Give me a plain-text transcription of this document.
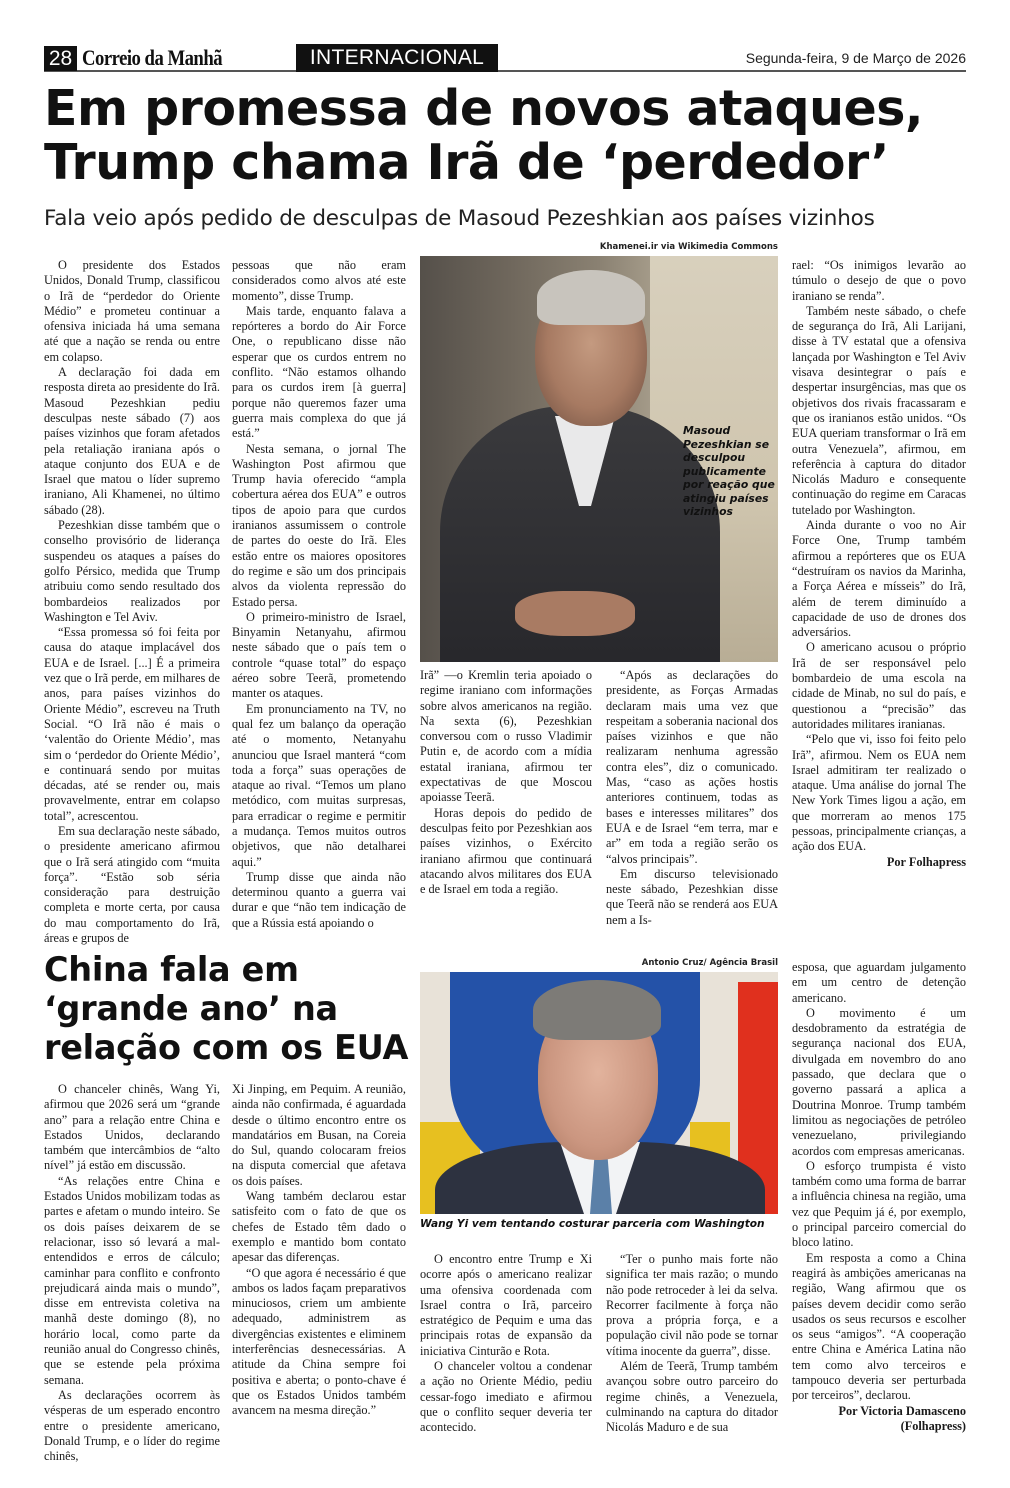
28 Correio da Manhã	INTERNACIONAL	Segunda-feira, 9 de Março de 2026
Em promessa de novos ataques, Trump chama Irã de ‘perdedor’
Fala veio após pedido de desculpas de Masoud Pezeshkian aos países vizinhos

O presidente dos Estados Unidos, Donald Trump, classificou o Irã de “perdedor do Oriente Médio” e prometeu continuar a ofensiva iniciada há uma semana até que a nação se renda ou entre em colapso.

A declaração foi dada em resposta direta ao presidente do Irã. Masoud Pezeshkian pediu desculpas neste sábado (7) aos países vizinhos que foram afetados pela retaliação iraniana após o ataque conjunto dos EUA e de Israel que matou o líder supremo iraniano, Ali Khamenei, no último sábado (28).

Pezeshkian disse também que o conselho provisório de liderança suspendeu os ataques a países do golfo Pérsico, medida que Trump atribuiu como sendo resultado dos bombardeios realizados por Washington e Tel Aviv.

“Essa promessa só foi feita por causa do ataque implacável dos EUA e de Israel. [...] É a primeira vez que o Irã perde, em milhares de anos, para países vizinhos do Oriente Médio”, escreveu na Truth Social. “O Irã não é mais o ‘valentão do Oriente Médio’, mas sim o ‘perdedor do Oriente Médio’, e continuará sendo por muitas décadas, até se render ou, mais provavelmente, entrar em colapso total”, acrescentou.

Em sua declaração neste sábado, o presidente americano afirmou que o Irã será atingido com “muita força”. “Estão sob séria consideração para destruição completa e morte certa, por causa do mau comportamento do Irã, áreas e grupos de

pessoas que não eram considerados como alvos até este momento”, disse Trump.

Mais tarde, enquanto falava a repórteres a bordo do Air Force One, o republicano disse não esperar que os curdos entrem no conflito. “Não estamos olhando para os curdos irem [à guerra] porque não queremos fazer uma guerra mais complexa do que já está.”

Nesta semana, o jornal The Washington Post afirmou que Trump havia oferecido “ampla cobertura aérea dos EUA” e outros tipos de apoio para que curdos iranianos assumissem o controle de partes do oeste do Irã. Eles estão entre os maiores opositores do regime e são um dos principais alvos da violenta repressão do Estado persa.

O primeiro-ministro de Israel, Binyamin Netanyahu, afirmou neste sábado que o país tem o controle “quase total” do espaço aéreo sobre Teerã, prometendo manter os ataques.

Em pronunciamento na TV, no qual fez um balanço da operação até o momento, Netanyahu anunciou que Israel manterá “com toda a força” suas operações de ataque ao rival. “Temos um plano metódico, com muitas surpresas, para erradicar o regime e permitir a mudança. Temos muitos outros objetivos, que não detalharei aqui.”

Trump disse que ainda não determinou quanto a guerra vai durar e que “não tem indicação de que a Rússia está apoiando o

Khamenei.ir via Wikimedia Commons
Masoud Pezeshkian se desculpou publicamente por reação que atingiu países vizinhos

Irã” —o Kremlin teria apoiado o regime iraniano com informações sobre alvos americanos na região. Na sexta (6), Pezeshkian conversou com o russo Vladimir Putin e, de acordo com a mídia estatal iraniana, afirmou ter expectativas de que Moscou apoiasse Teerã.

Horas depois do pedido de desculpas feito por Pezeshkian aos países vizinhos, o Exército iraniano afirmou que continuará atacando alvos militares dos EUA e de Israel em toda a região.

“Após as declarações do presidente, as Forças Armadas declaram mais uma vez que respeitam a soberania nacional dos países vizinhos e que não realizaram nenhuma agressão contra eles”, diz o comunicado. Mas, “caso as ações hostis anteriores continuem, todas as bases e interesses militares” dos EUA e de Israel “em terra, mar e ar” em toda a região serão os “alvos principais”.

Em discurso televisionado neste sábado, Pezeshkian disse que Teerã não se renderá aos EUA nem a Is-

rael: “Os inimigos levarão ao túmulo o desejo de que o povo iraniano se renda”.

Também neste sábado, o chefe de segurança do Irã, Ali Larijani, disse à TV estatal que a ofensiva lançada por Washington e Tel Aviv visava desintegrar o país e despertar insurgências, mas que os objetivos dos rivais fracassaram e que os iranianos estão unidos. “Os EUA queriam transformar o Irã em outra Venezuela”, afirmou, em referência à captura do ditador Nicolás Maduro e consequente continuação do regime em Caracas tutelado por Washington.

Ainda durante o voo no Air Force One, Trump também afirmou a repórteres que os EUA “destruíram os navios da Marinha, a Força Aérea e mísseis” do Irã, além de terem diminuído a capacidade de uso de drones dos adversários.

O americano acusou o próprio Irã de ser responsável pelo bombardeio de uma escola na cidade de Minab, no sul do país, e questionou a “precisão” das autoridades militares iranianas.

“Pelo que vi, isso foi feito pelo Irã”, afirmou. Nem os EUA nem Israel admitiram ter realizado o ataque. Uma análise do jornal The New York Times ligou a ação, em que morreram ao menos 175 pessoas, principalmente crianças, a ação dos EUA.

Por Folhapress

China fala em ‘grande ano’ na relação com os EUA
Antonio Cruz/ Agência Brasil
Wang Yi vem tentando costurar parceria com Washington

O chanceler chinês, Wang Yi, afirmou que 2026 será um “grande ano” para a relação entre China e Estados Unidos, declarando também que intercâmbios de “alto nível” já estão em discussão.

“As relações entre China e Estados Unidos mobilizam todas as partes e afetam o mundo inteiro. Se os dois países deixarem de se relacionar, isso só levará a mal-entendidos e erros de cálculo; caminhar para conflito e confronto prejudicará ainda mais o mundo”, disse em entrevista coletiva na manhã deste domingo (8), no horário local, como parte da reunião anual do Congresso chinês, que se estende pela próxima semana.

As declarações ocorrem às vésperas de um esperado encontro entre o presidente americano, Donald Trump, e o líder do regime chinês,

Xi Jinping, em Pequim. A reunião, ainda não confirmada, é aguardada desde o último encontro entre os mandatários em Busan, na Coreia do Sul, quando colocaram freios na disputa comercial que afetava os dois países.

Wang também declarou estar satisfeito com o fato de que os chefes de Estado têm dado o exemplo e mantido bom contato apesar das diferenças.

“O que agora é necessário é que ambos os lados façam preparativos minuciosos, criem um ambiente adequado, administrem as divergências existentes e eliminem interferências desnecessárias. A atitude da China sempre foi positiva e aberta; o ponto-chave é que os Estados Unidos também avancem na mesma direção.”

O encontro entre Trump e Xi ocorre após o americano realizar uma ofensiva coordenada com Israel contra o Irã, parceiro estratégico de Pequim e uma das principais rotas de expansão da iniciativa Cinturão e Rota.

O chanceler voltou a condenar a ação no Oriente Médio, pediu cessar-fogo imediato e afirmou que o conflito sequer deveria ter acontecido.

“Ter o punho mais forte não significa ter mais razão; o mundo não pode retroceder à lei da selva. Recorrer facilmente à força não prova a própria força, e a população civil não pode se tornar vítima inocente da guerra”, disse.

Além de Teerã, Trump também avançou sobre outro parceiro do regime chinês, a Venezuela, culminando na captura do ditador Nicolás Maduro e de sua

esposa, que aguardam julgamento em um centro de detenção americano.

O movimento é um desdobramento da estratégia de segurança nacional dos EUA, divulgada em novembro do ano passado, que declara que o governo passará a aplica a Doutrina Monroe. Trump também limitou as negociações de petróleo venezuelano, privilegiando acordos com empresas americanas.

O esforço trumpista é visto também como uma forma de barrar a influência chinesa na região, uma vez que Pequim já é, por exemplo, o principal parceiro comercial do bloco latino.

Em resposta a como a China reagirá às ambições americanas na região, Wang afirmou que os países devem decidir como serão usados os seus recursos e escolher os seus “amigos”. “A cooperação entre China e América Latina não tem como alvo terceiros e tampouco deveria ser perturbada por terceiros”, declarou.

Por Victoria Damasceno

(Folhapress)
